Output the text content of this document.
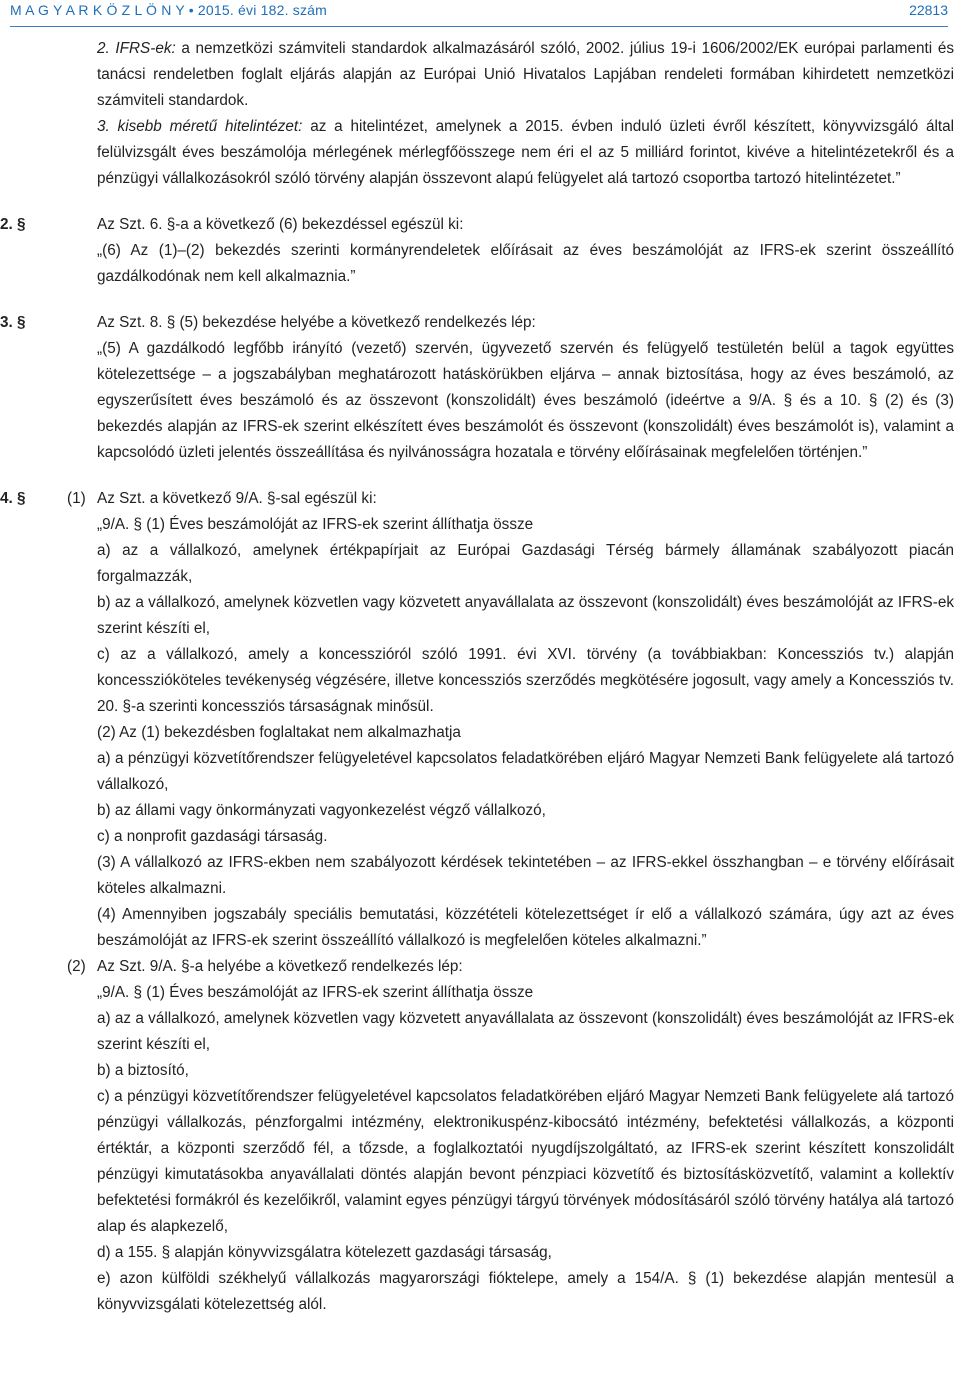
M A G Y A R K Ö Z L Ö N Y • 2015. évi 182. szám	22813

2. IFRS-ek: a nemzetközi számviteli standardok alkalmazásáról szóló, 2002. július 19-i 1606/2002/EK európai parlamenti és tanácsi rendeletben foglalt eljárás alapján az Európai Unió Hivatalos Lapjában rendeleti formában kihirdetett nemzetközi számviteli standardok.

3. kisebb méretű hitelintézet: az a hitelintézet, amelynek a 2015. évben induló üzleti évről készített, könyvvizsgáló által felülvizsgált éves beszámolója mérlegének mérlegfőösszege nem éri el az 5 milliárd forintot, kivéve a hitelintézetekről és a pénzügyi vállalkozásokról szóló törvény alapján összevont alapú felügyelet alá tartozó csoportba tartozó hitelintézetet.”

2. §	Az Szt. 6. §-a a következő (6) bekezdéssel egészül ki:

„(6) Az (1)–(2) bekezdés szerinti kormányrendeletek előírásait az éves beszámolóját az IFRS-ek szerint összeállító gazdálkodónak nem kell alkalmaznia.”

3. §	Az Szt. 8. § (5) bekezdése helyébe a következő rendelkezés lép:

„(5) A gazdálkodó legfőbb irányító (vezető) szervén, ügyvezető szervén és felügyelő testületén belül a tagok együttes kötelezettsége – a jogszabályban meghatározott hatáskörükben eljárva – annak biztosítása, hogy az éves beszámoló, az egyszerűsített éves beszámoló és az összevont (konszolidált) éves beszámoló (ideértve a 9/A. § és a 10. § (2) és (3) bekezdés alapján az IFRS-ek szerint elkészített éves beszámolót és összevont (konszolidált) éves beszámolót is), valamint a kapcsolódó üzleti jelentés összeállítása és nyilvánosságra hozatala e törvény előírásainak megfelelően történjen.”

4. §	(1) Az Szt. a következő 9/A. §-sal egészül ki:

„9/A. § (1) Éves beszámolóját az IFRS-ek szerint állíthatja össze

a) az a vállalkozó, amelynek értékpapírjait az Európai Gazdasági Térség bármely államának szabályozott piacán forgalmazzák,

b) az a vállalkozó, amelynek közvetlen vagy közvetett anyavállalata az összevont (konszolidált) éves beszámolóját az IFRS-ek szerint készíti el,

c) az a vállalkozó, amely a koncesszióról szóló 1991. évi XVI. törvény (a továbbiakban: Koncessziós tv.) alapján koncesszióköteles tevékenység végzésére, illetve koncessziós szerződés megkötésére jogosult, vagy amely a Koncessziós tv. 20. §-a szerinti koncessziós társaságnak minősül.

(2) Az (1) bekezdésben foglaltakat nem alkalmazhatja

a) a pénzügyi közvetítőrendszer felügyeletével kapcsolatos feladatkörében eljáró Magyar Nemzeti Bank felügyelete alá tartozó vállalkozó,

b) az állami vagy önkormányzati vagyonkezelést végző vállalkozó,

c) a nonprofit gazdasági társaság.

(3) A vállalkozó az IFRS-ekben nem szabályozott kérdések tekintetében – az IFRS-ekkel összhangban – e törvény előírásait köteles alkalmazni.

(4) Amennyiben jogszabály speciális bemutatási, közzétételi kötelezettséget ír elő a vállalkozó számára, úgy azt az éves beszámolóját az IFRS-ek szerint összeállító vállalkozó is megfelelően köteles alkalmazni.”

(2) Az Szt. 9/A. §-a helyébe a következő rendelkezés lép:

„9/A. § (1) Éves beszámolóját az IFRS-ek szerint állíthatja össze

a) az a vállalkozó, amelynek közvetlen vagy közvetett anyavállalata az összevont (konszolidált) éves beszámolóját az IFRS-ek szerint készíti el,

b) a biztosító,

c) a pénzügyi közvetítőrendszer felügyeletével kapcsolatos feladatkörében eljáró Magyar Nemzeti Bank felügyelete alá tartozó pénzügyi vállalkozás, pénzforgalmi intézmény, elektronikuspénz-kibocsátó intézmény, befektetési vállalkozás, a központi értéktár, a központi szerződő fél, a tőzsde, a foglalkoztatói nyugdíjszolgáltató, az IFRS-ek szerint készített konszolidált pénzügyi kimutatásokba anyavállalati döntés alapján bevont pénzpiaci közvetítő és biztosításközvetítő, valamint a kollektív befektetési formákról és kezelőikről, valamint egyes pénzügyi tárgyú törvények módosításáról szóló törvény hatálya alá tartozó alap és alapkezelő,

d) a 155. § alapján könyvvizsgálatra kötelezett gazdasági társaság,

e) azon külföldi székhelyű vállalkozás magyarországi fióktelepe, amely a 154/A. § (1) bekezdése alapján mentesül a könyvvizsgálati kötelezettség alól.
